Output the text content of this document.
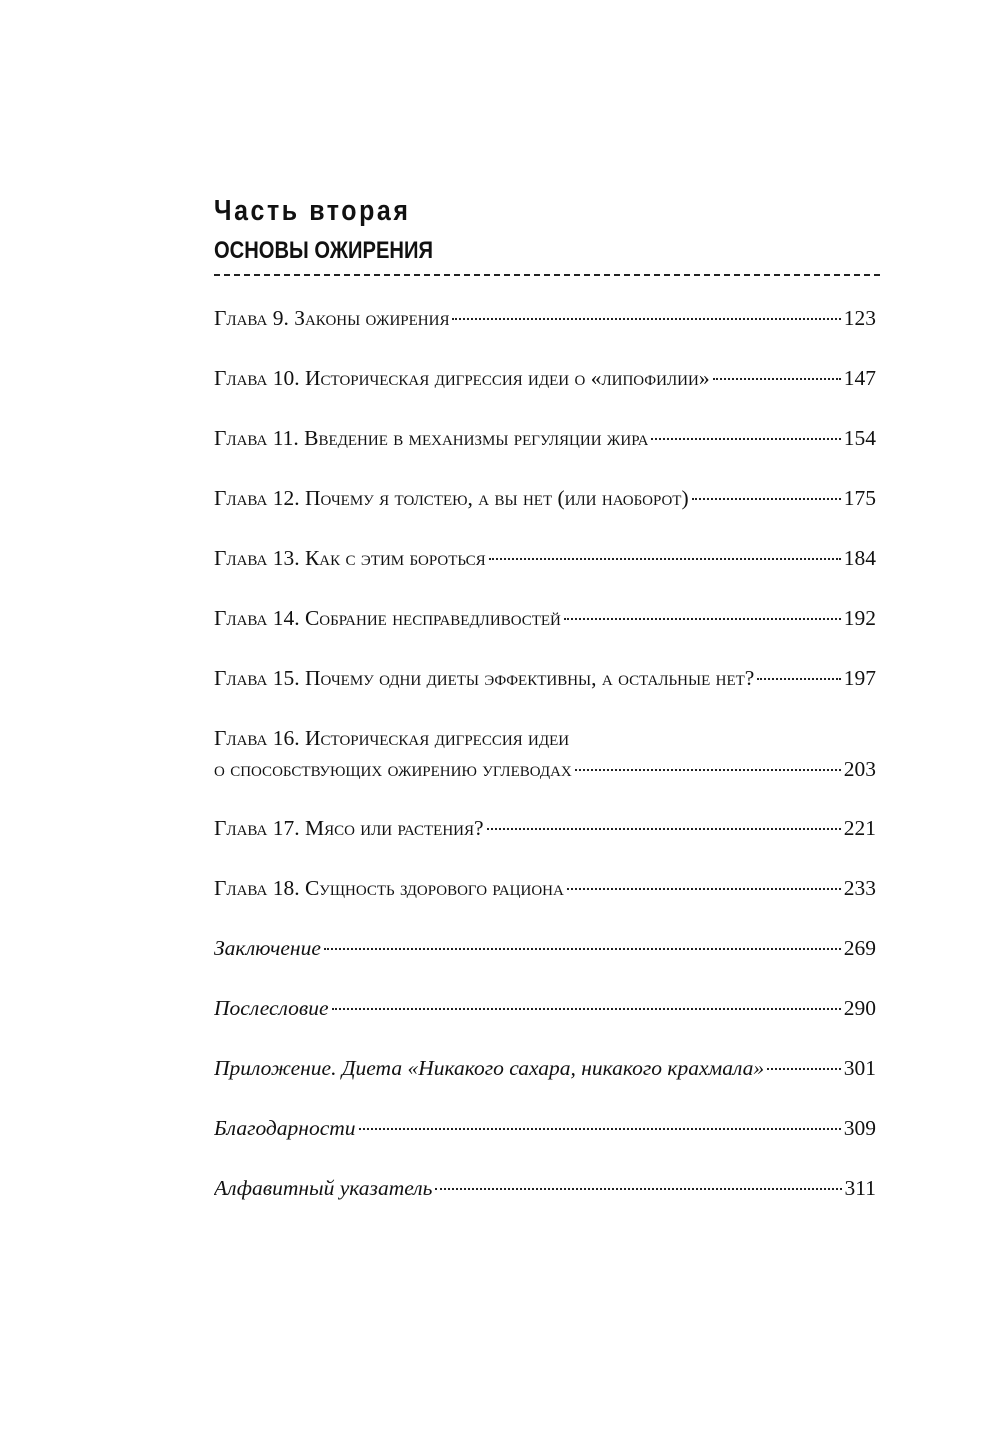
Часть вторая
ОСНОВЫ ОЖИРЕНИЯ
Глава 9. Законы ожирения	123
Глава 10. Историческая дигрессия идеи о «липофилии»	147
Глава 11. Введение в механизмы регуляции жира	154
Глава 12. Почему я толстею, а вы нет (или наоборот)	175
Глава 13. Как с этим бороться	184
Глава 14. Собрание несправедливостей	192
Глава 15. Почему одни диеты эффективны, а остальные нет?	197
Глава 16. Историческая дигрессия идеи
о способствующих ожирению углеводах	203
Глава 17. Мясо или растения?	221
Глава 18. Сущность здорового рациона	233
Заключение	269
Послесловие	290
Приложение. Диета «Никакого сахара, никакого крахмала»	301
Благодарности	309
Алфавитный указатель	311
